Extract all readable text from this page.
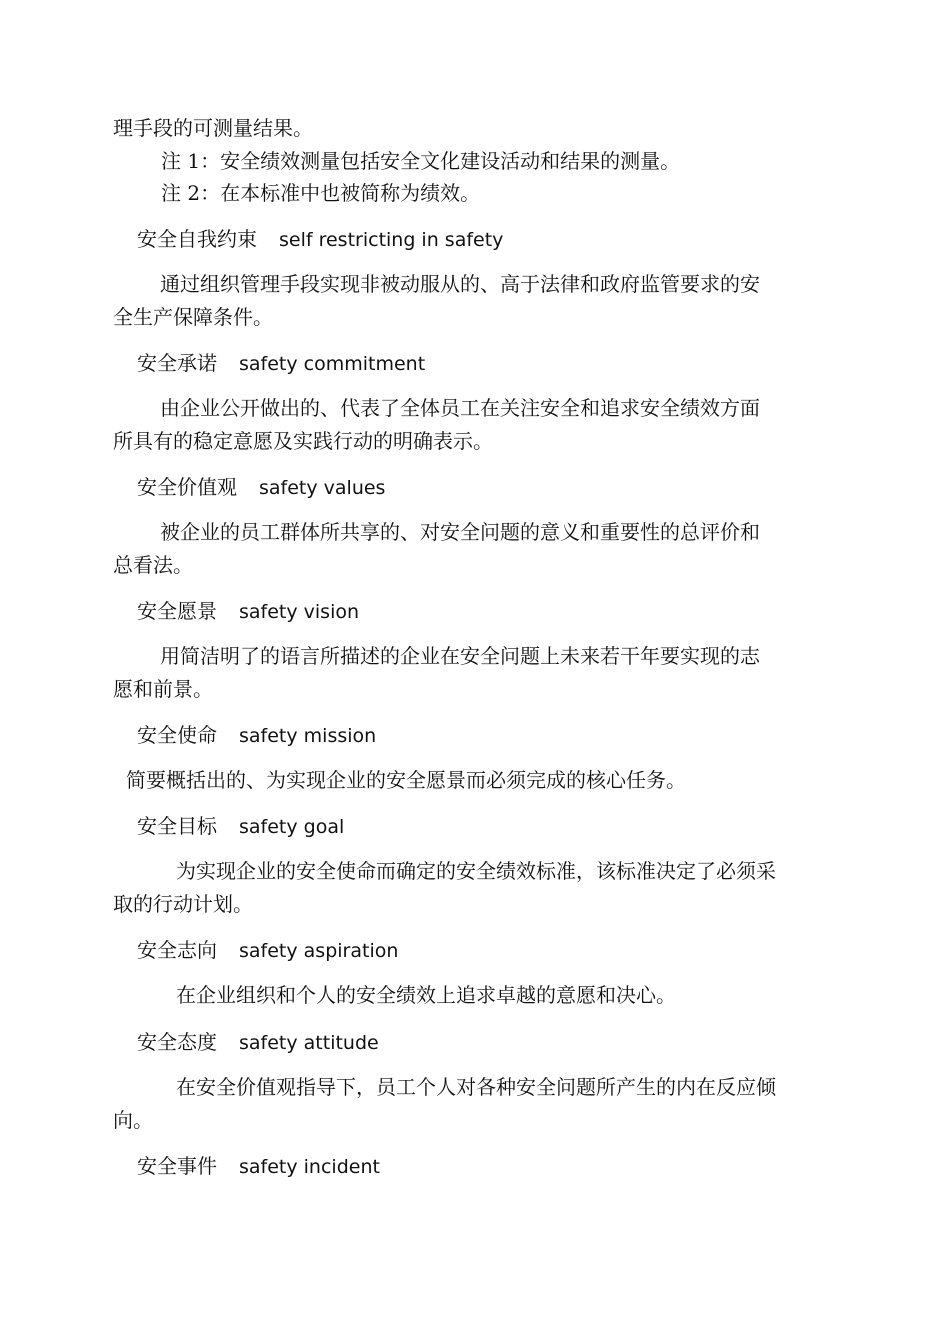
理手段的可测量结果。
注 1：安全绩效测量包括安全文化建设活动和结果的测量。
注 2：在本标准中也被简称为绩效。
安全自我约束 self restricting in safety
通过组织管理手段实现非被动服从的、高于法律和政府监管要求的安
全生产保障条件。
安全承诺 safety commitment
由企业公开做出的、代表了全体员工在关注安全和追求安全绩效方面
所具有的稳定意愿及实践行动的明确表示。
安全价值观 safety values
被企业的员工群体所共享的、对安全问题的意义和重要性的总评价和
总看法。
安全愿景 safety vision
用简洁明了的语言所描述的企业在安全问题上未来若干年要实现的志
愿和前景。
安全使命 safety mission
简要概括出的、为实现企业的安全愿景而必须完成的核心任务。
安全目标 safety goal
为实现企业的安全使命而确定的安全绩效标准，该标准决定了必须采
取的行动计划。
安全志向 safety aspiration
在企业组织和个人的安全绩效上追求卓越的意愿和决心。
安全态度 safety attitude
在安全价值观指导下，员工个人对各种安全问题所产生的内在反应倾
向。
安全事件 safety incident
